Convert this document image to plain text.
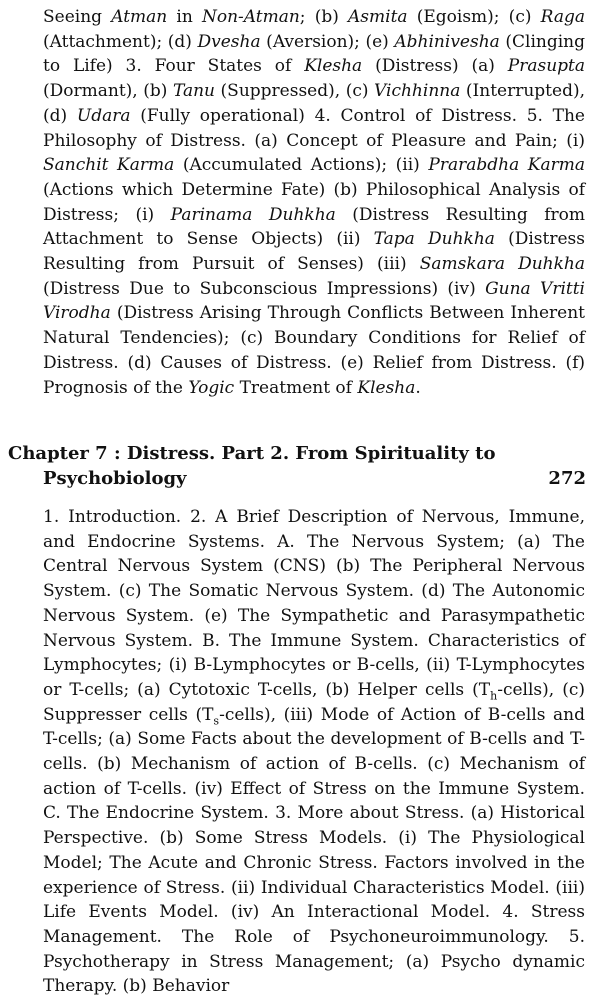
Seeing Atman in Non-Atman; (b) Asmita (Egoism); (c) Raga (Attachment); (d) Dvesha (Aversion); (e) Abhinivesha (Clinging to Life) 3. Four States of Klesha (Distress) (a) Prasupta (Dormant), (b) Tanu (Suppressed), (c) Vichhinna (Interrupted), (d) Udara (Fully operational) 4. Control of Distress. 5. The Philosophy of Distress. (a) Concept of Pleasure and Pain; (i) Sanchit Karma (Accumulated Actions); (ii) Prarabdha Karma (Actions which Determine Fate) (b) Philosophical Analysis of Distress; (i) Parinama Duhkha (Distress Resulting from Attachment to Sense Objects) (ii) Tapa Duhkha (Distress Resulting from Pursuit of Senses) (iii) Samskara Duhkha (Distress Due to Subconscious Impressions) (iv) Guna Vritti Virodha (Distress Arising Through Conflicts Between Inherent Natural Tendencies); (c) Boundary Conditions for Relief of Distress. (d) Causes of Distress. (e) Relief from Distress. (f) Prognosis of the Yogic Treatment of Klesha.
Chapter 7 : Distress. Part 2. From Spirituality to
Psychobiology	272
1. Introduction. 2. A Brief Description of Nervous, Immune, and Endocrine Systems. A. The Nervous System; (a) The Central Nervous System (CNS) (b) The Peripheral Nervous System. (c) The Somatic Nervous System. (d) The Autonomic Nervous System. (e) The Sympathetic and Parasympathetic Nervous System. B. The Immune System. Characteristics of Lymphocytes; (i) B-Lymphocytes or B-cells, (ii) T-Lymphocytes or T-cells; (a) Cytotoxic T-cells, (b) Helper cells $(T_h-cells)$, (c) Suppresser cells $(T_s-cells)$, (iii) Mode of Action of B-cells and T-cells; (a) Some Facts about the development of B-cells and T-cells. (b) Mechanism of action of B-cells. (c) Mechanism of action of T-cells. (iv) Effect of Stress on the Immune System. C. The Endocrine System. 3. More about Stress. (a) Historical Perspective. (b) Some Stress Models. (i) The Physiological Model; The Acute and Chronic Stress. Factors involved in the experience of Stress. (ii) Individual Characteristics Model. (iii) Life Events Model. (iv) An Interactional Model. 4. Stress Management. The Role of Psychoneuroimmunology. 5. Psychotherapy in Stress Management; (a) Psycho dynamic Therapy. (b) Behavior
